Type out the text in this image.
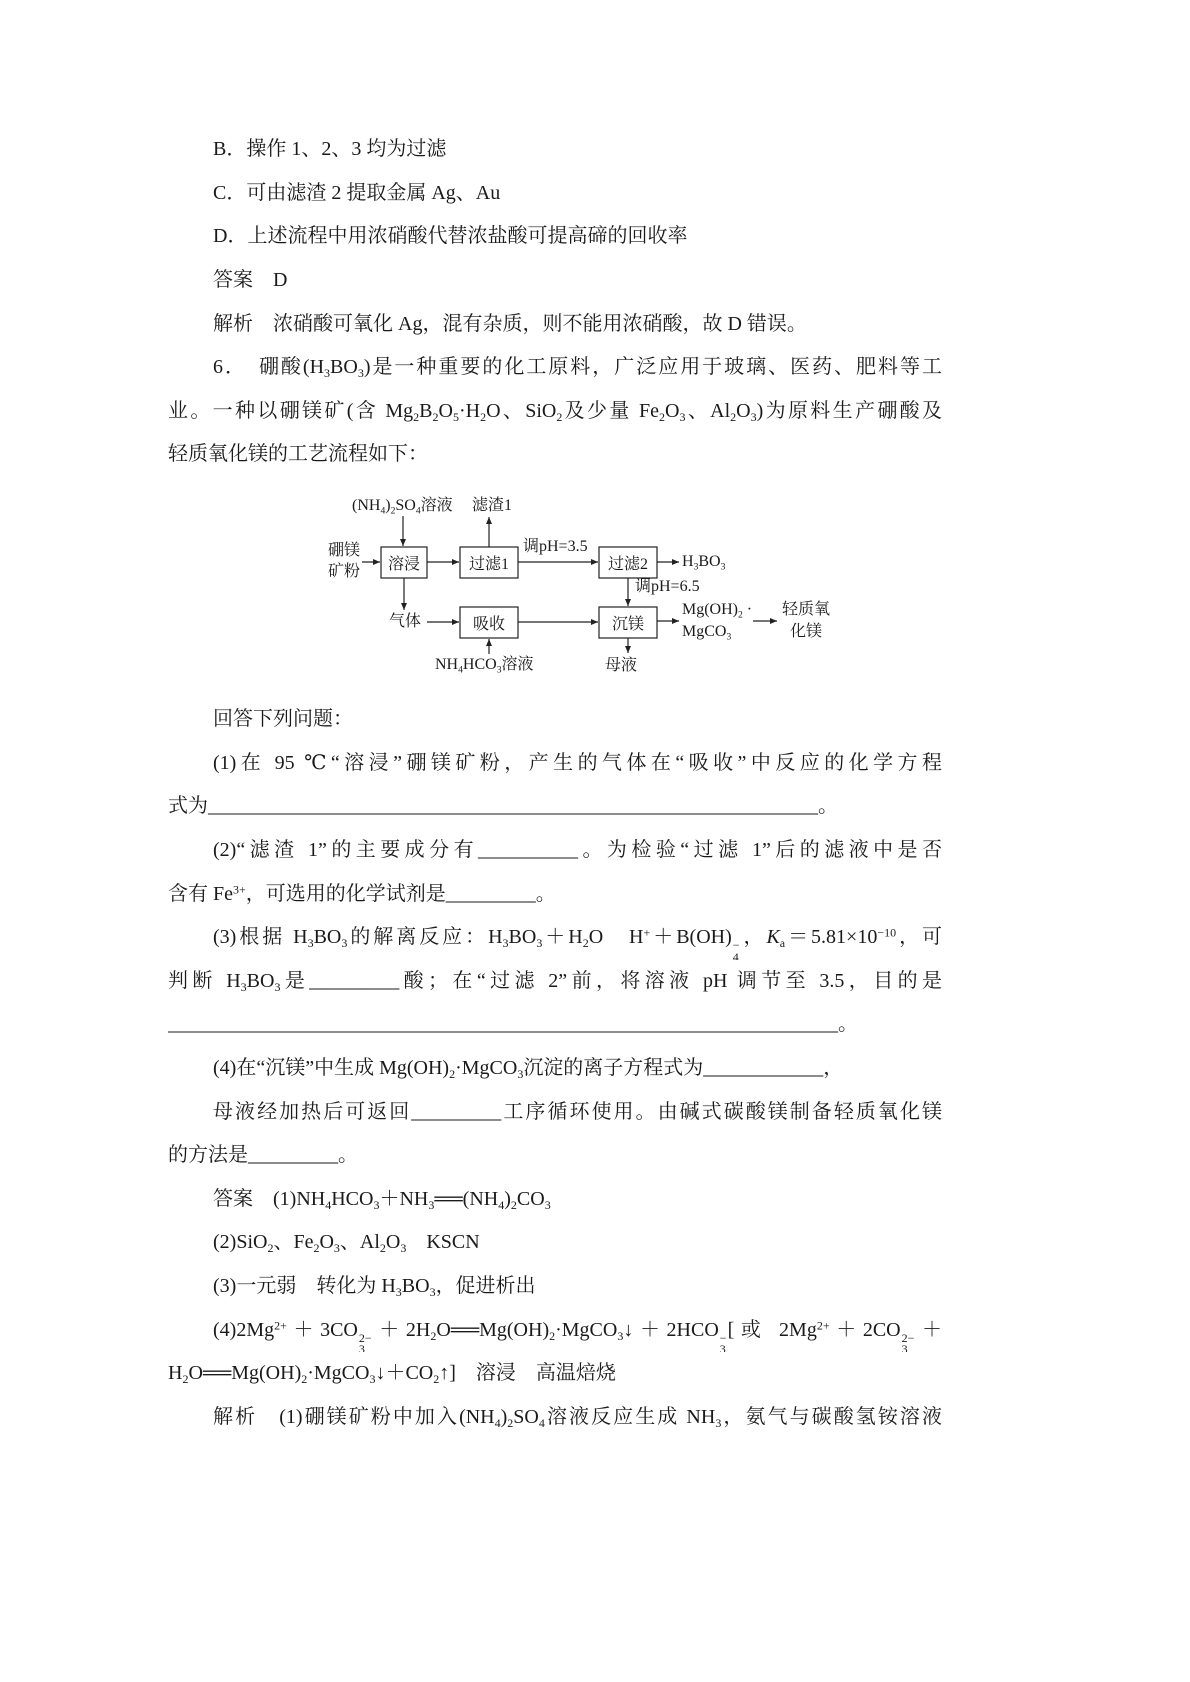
B．操作 1、2、3 均为过滤
C．可由滤渣 2 提取金属 Ag、Au
D．上述流程中用浓硝酸代替浓盐酸可提高碲的回收率
答案　D
解析　浓硝酸可氧化 Ag，混有杂质，则不能用浓硝酸，故 D 错误。
6．　硼酸$(H_3BO_3)$是一种重要的化工原料，广泛应用于玻璃、医药、肥料等工
业。一种以硼镁矿(含 $Mg_2B_2O_5\cdot H_2O$、SiO$_2$及少量 $Fe_2O_3$、$Al_2O_3$)为原料生产硼酸及
轻质氧化镁的工艺流程如下：
$(NH_4)_2SO_4$溶液 滤渣1
硼镁
矿粉 溶浸	过滤1
调pH=3.5
过滤2 $H_3BO_3$
调pH=6.5
气体	吸收	沉镁
$Mg(OH)_2$ ·
MgCO$_3$
轻质氧
化镁
$NH_4HCO_3$溶液	母液
回答下列问题：
(1)在 95 ℃“溶浸”硼镁矿粉，产生的气体在“吸收”中反应的化学方程
式为_____________________________________________________________。
(2)“滤渣 1”的主要成分有__________。为检验“过滤 1”后的滤液中是否
含有 $Fe^{3+}$，可选用的化学试剂是_________。
(3)根据 $H_3BO_3$的解离反应：$H_3BO_3+H_2O$　H+＋B(OH) −
4
，$K_a=5.81\times 10^{-10}$，可
判断 $H_3BO_3$是_________酸；在“过滤 2”前，将溶液 pH 调节至 3.5，目的是
___________________________________________________________________。
(4)在“沉镁”中生成 $Mg(OH)_2\cdot MgCO_3$沉淀的离子方程式为____________，
母液经加热后可返回_________工序循环使用。由碱式碳酸镁制备轻质氧化镁
的方法是_________。
答案　$(1)NH_4HCO_3+NH_3══(NH_4)_2CO_3$
(2)SiO$_2$、$Fe_2O_3$、$Al_2O_3$　KSCN
(3)一元弱　转化为 $H_3BO_3$，促进析出
$(4)2Mg^{2+}+3CO$ 2−
3
$+2H_2O══Mg(OH)_2\cdot MgCO_3↓+2HCO$ −
3
[或 $2Mg^{2+}+2CO$ 2−
3
＋
$H_2O══Mg(OH)_2\cdot MgCO_3↓+CO_2↑$]　溶浸　高温焙烧
解析　(1)硼镁矿粉中加入$(NH_4)_2SO_4$溶液反应生成 $NH_3$，氨气与碳酸氢铵溶液
